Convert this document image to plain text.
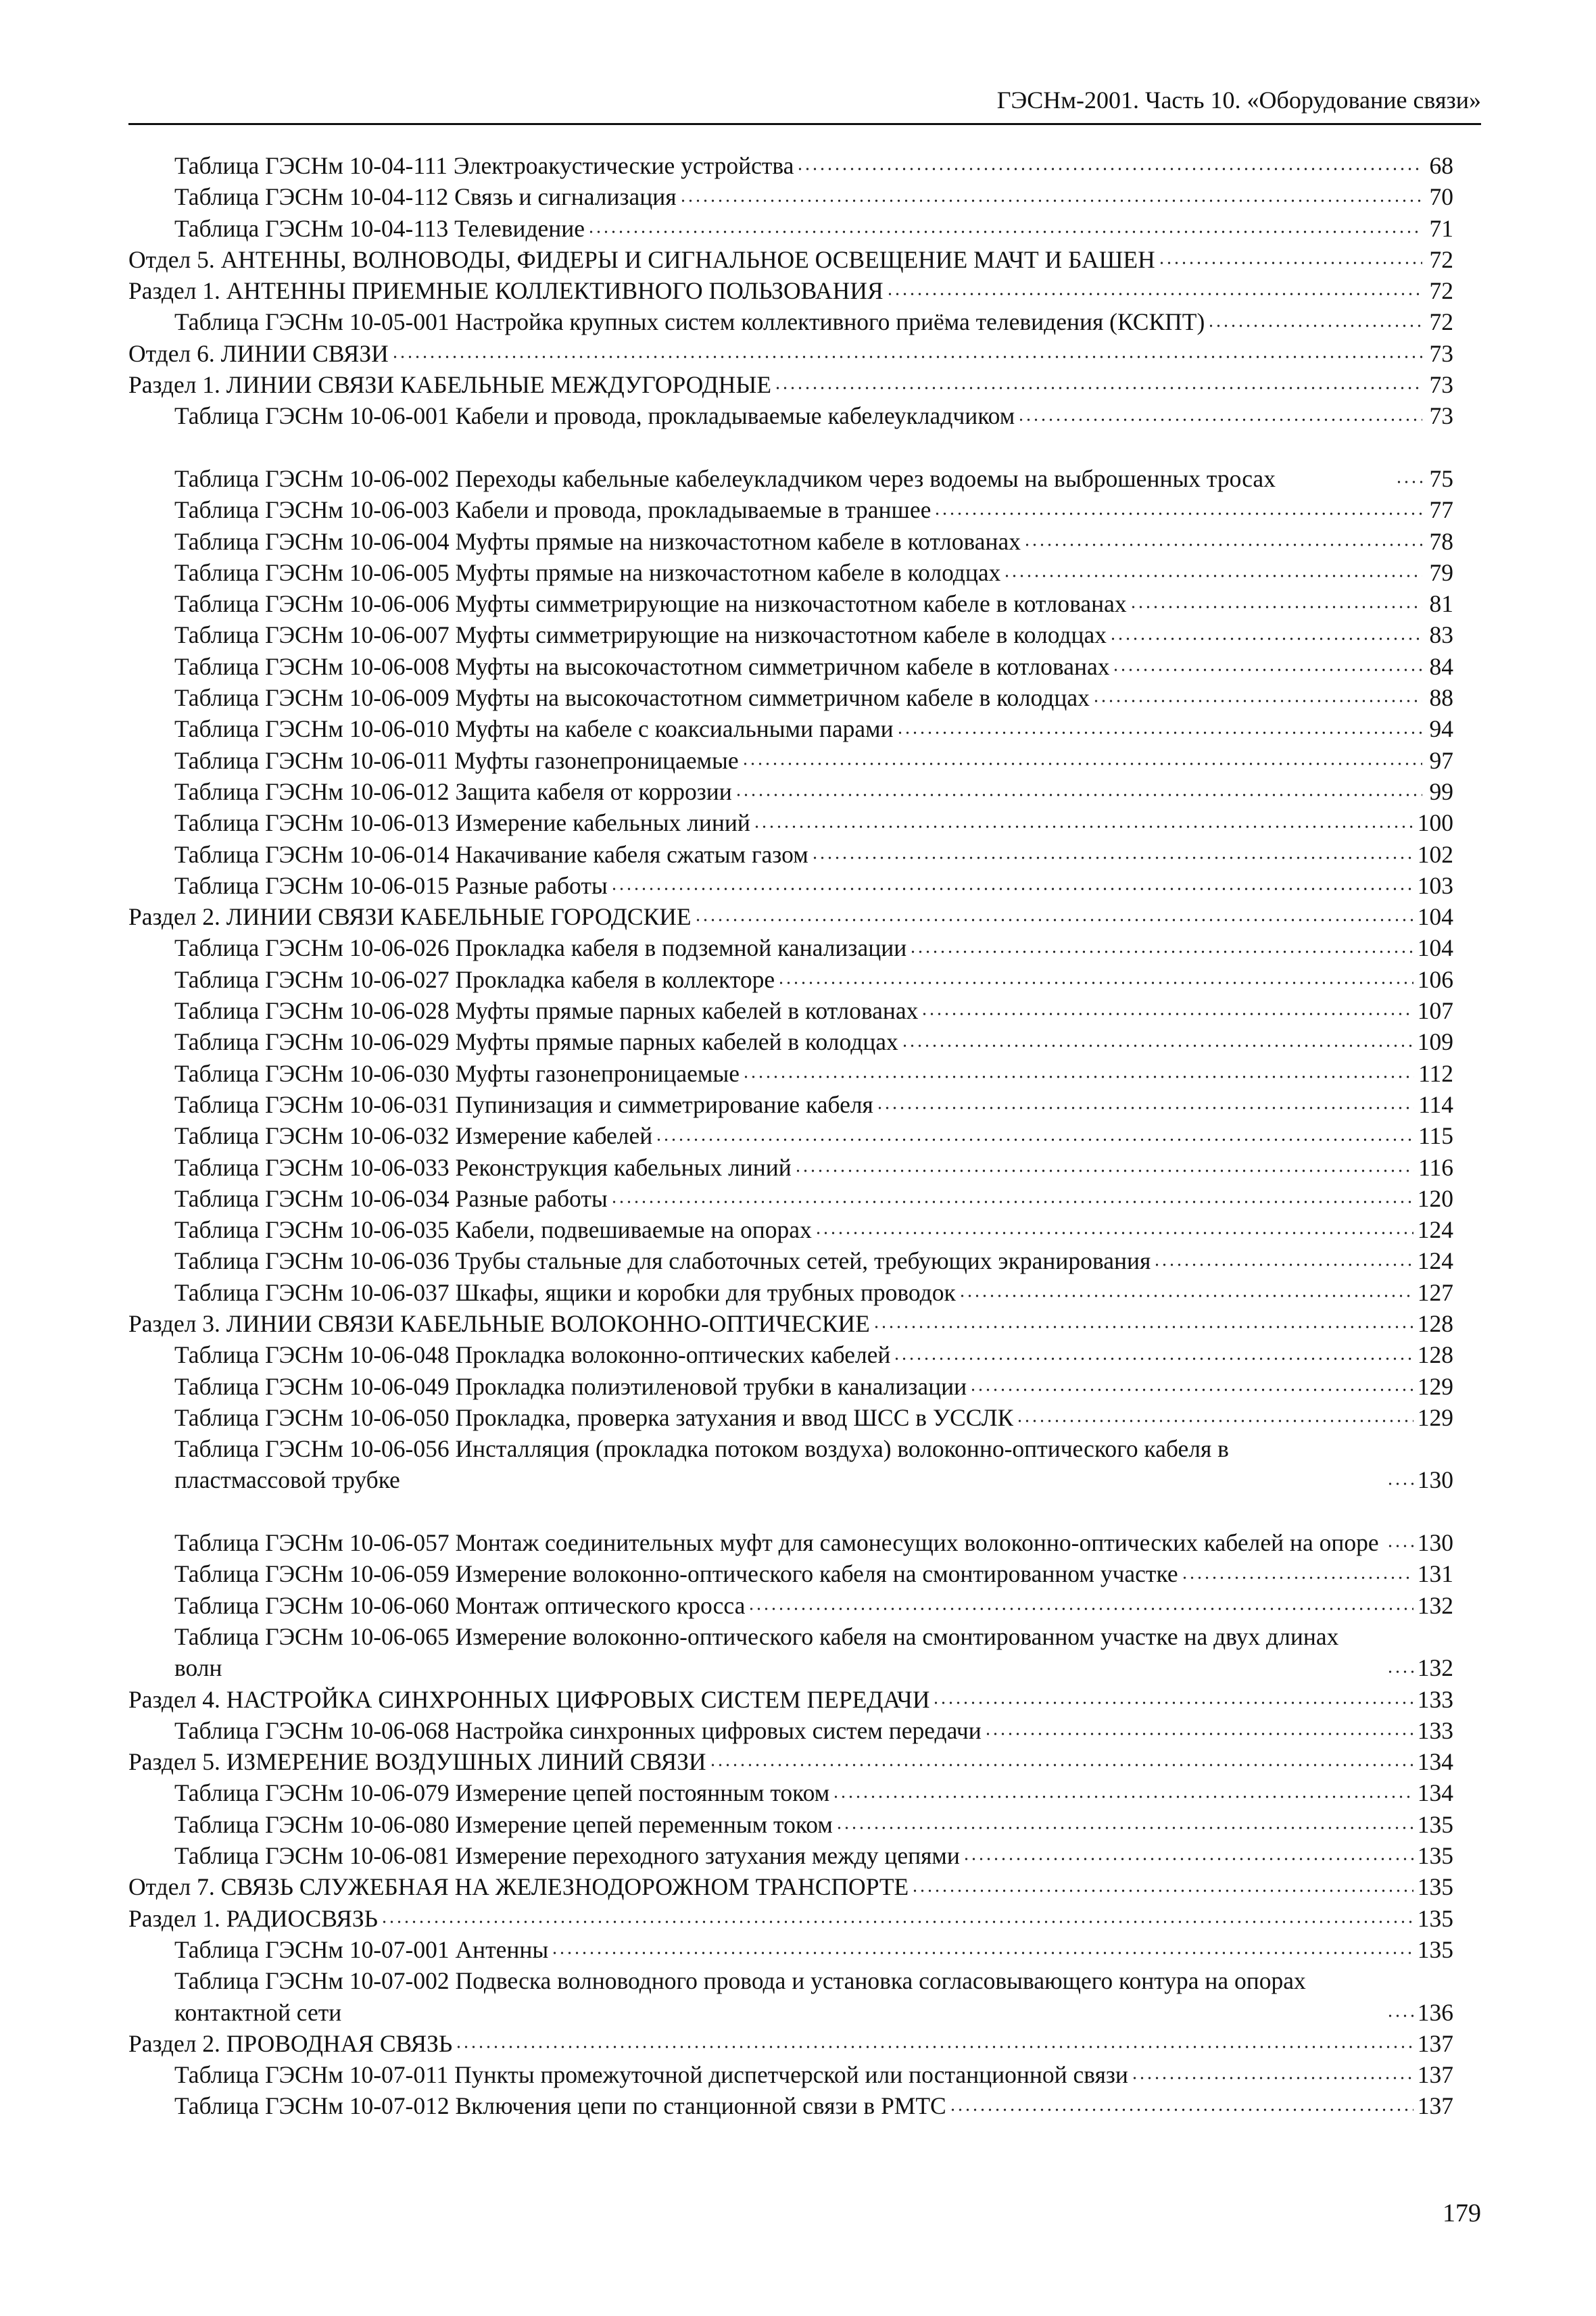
ГЭСНм-2001. Часть 10. «Оборудование связи»
Таблица ГЭСНм 10-04-111 Электроакустические устройства	68
Таблица ГЭСНм 10-04-112 Связь и сигнализация	70
Таблица ГЭСНм 10-04-113 Телевидение	71
Отдел 5. АНТЕННЫ, ВОЛНОВОДЫ, ФИДЕРЫ И СИГНАЛЬНОЕ ОСВЕЩЕНИЕ МАЧТ И БАШЕН	72
Раздел 1. АНТЕННЫ ПРИЕМНЫЕ КОЛЛЕКТИВНОГО ПОЛЬЗОВАНИЯ	72
Таблица ГЭСНм 10-05-001 Настройка крупных систем коллективного приёма телевидения (КСКПТ)	72
Отдел 6. ЛИНИИ СВЯЗИ	73
Раздел 1. ЛИНИИ СВЯЗИ КАБЕЛЬНЫЕ МЕЖДУГОРОДНЫЕ	73
Таблица ГЭСНм 10-06-001 Кабели и провода, прокладываемые кабелеукладчиком	73
Таблица ГЭСНм 10-06-002 Переходы кабельные кабелеукладчиком через водоемы на выброшенных тросах	75
Таблица ГЭСНм 10-06-003 Кабели и провода, прокладываемые в траншее	77
Таблица ГЭСНм 10-06-004 Муфты прямые на низкочастотном кабеле в котлованах	78
Таблица ГЭСНм 10-06-005 Муфты прямые на низкочастотном кабеле в колодцах	79
Таблица ГЭСНм 10-06-006 Муфты симметрирующие на низкочастотном кабеле в котлованах	81
Таблица ГЭСНм 10-06-007 Муфты симметрирующие на низкочастотном кабеле в колодцах	83
Таблица ГЭСНм 10-06-008 Муфты на высокочастотном симметричном кабеле в котлованах	84
Таблица ГЭСНм 10-06-009 Муфты на высокочастотном симметричном кабеле в колодцах	88
Таблица ГЭСНм 10-06-010 Муфты на кабеле с коаксиальными парами	94
Таблица ГЭСНм 10-06-011 Муфты газонепроницаемые	97
Таблица ГЭСНм 10-06-012 Защита кабеля от коррозии	99
Таблица ГЭСНм 10-06-013 Измерение кабельных линий	100
Таблица ГЭСНм 10-06-014 Накачивание кабеля сжатым газом	102
Таблица ГЭСНм 10-06-015 Разные работы	103
Раздел 2. ЛИНИИ СВЯЗИ КАБЕЛЬНЫЕ ГОРОДСКИЕ	104
Таблица ГЭСНм 10-06-026 Прокладка кабеля в подземной канализации	104
Таблица ГЭСНм 10-06-027 Прокладка кабеля в коллекторе	106
Таблица ГЭСНм 10-06-028 Муфты прямые парных кабелей в котлованах	107
Таблица ГЭСНм 10-06-029 Муфты прямые парных кабелей в колодцах	109
Таблица ГЭСНм 10-06-030 Муфты газонепроницаемые	112
Таблица ГЭСНм 10-06-031 Пупинизация и симметрирование кабеля	114
Таблица ГЭСНм 10-06-032 Измерение кабелей	115
Таблица ГЭСНм 10-06-033 Реконструкция кабельных линий	116
Таблица ГЭСНм 10-06-034 Разные работы	120
Таблица ГЭСНм 10-06-035 Кабели, подвешиваемые на опорах	124
Таблица ГЭСНм 10-06-036 Трубы стальные для слаботочных сетей, требующих экранирования	124
Таблица ГЭСНм 10-06-037 Шкафы, ящики и коробки для трубных проводок	127
Раздел 3. ЛИНИИ СВЯЗИ КАБЕЛЬНЫЕ ВОЛОКОННО-ОПТИЧЕСКИЕ	128
Таблица ГЭСНм 10-06-048 Прокладка волоконно-оптических кабелей	128
Таблица ГЭСНм 10-06-049 Прокладка полиэтиленовой трубки в канализации	129
Таблица ГЭСНм 10-06-050 Прокладка, проверка затухания и ввод ШСС в УССЛК	129
Таблица ГЭСНм 10-06-056 Инсталляция (прокладка потоком воздуха) волоконно-оптического кабеля в пластмассовой трубке	130
Таблица ГЭСНм 10-06-057 Монтаж соединительных муфт для самонесущих волоконно-оптических кабелей на опоре 130
Таблица ГЭСНм 10-06-059 Измерение волоконно-оптического кабеля на смонтированном участке	131
Таблица ГЭСНм 10-06-060 Монтаж оптического кросса	132
Таблица ГЭСНм 10-06-065 Измерение волоконно-оптического кабеля на смонтированном участке на двух длинах волн	132
Раздел 4. НАСТРОЙКА СИНХРОННЫХ ЦИФРОВЫХ СИСТЕМ ПЕРЕДАЧИ	133
Таблица ГЭСНм 10-06-068 Настройка синхронных цифровых систем передачи	133
Раздел 5. ИЗМЕРЕНИЕ ВОЗДУШНЫХ ЛИНИЙ СВЯЗИ	134
Таблица ГЭСНм 10-06-079 Измерение цепей постоянным током	134
Таблица ГЭСНм 10-06-080 Измерение цепей переменным током	135
Таблица ГЭСНм 10-06-081 Измерение переходного затухания между цепями	135
Отдел 7. СВЯЗЬ СЛУЖЕБНАЯ НА ЖЕЛЕЗНОДОРОЖНОМ ТРАНСПОРТЕ	135
Раздел 1. РАДИОСВЯЗЬ	135
Таблица ГЭСНм 10-07-001 Антенны	135
Таблица ГЭСНм 10-07-002 Подвеска волноводного провода и установка согласовывающего контура на опорах контактной сети	136
Раздел 2. ПРОВОДНАЯ СВЯЗЬ	137
Таблица ГЭСНм 10-07-011 Пункты промежуточной диспетчерской или постанционной связи	137
Таблица ГЭСНм 10-07-012 Включения цепи по станционной связи в РМТС	137
179
